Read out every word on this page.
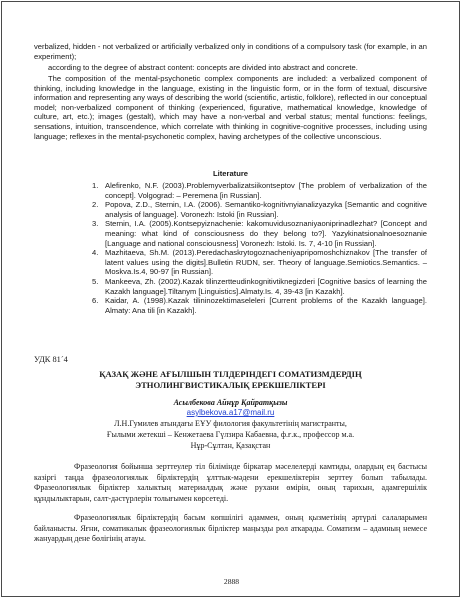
verbalized, hidden - not verbalized or artificially verbalized only in conditions of a compulsory task (for example, in an experiment);
according to the degree of abstract content: concepts are divided into abstract and concrete.
The composition of the mental-psychonetic complex components are included: a verbalized component of thinking, including knowledge in the language, existing in the linguistic form, or in the form of textual, discursive information and representing any ways of describing the world (scientific, artistic, folklore), reflected in our conceptual model; non-verbalized component of thinking (experienced, figurative, mathematical knowledge, knowledge of culture, art, etc.); images (gestalt), which may have a non-verbal and verbal status; mental functions: feelings, sensations, intuition, transcendence, which correlate with thinking in cognitive-cognitive processes, including using language; reflexes in the mental-psychonetic complex, having archetypes of the collective unconscious.
Literature
1. Alefirenko, N.F. (2003).Problemyverbalizatsiikontseptov [The problem of verbalization of the concept]. Volgograd: – Peremena [in Russian].
2. Popova, Z.D., Sternin, I.A. (2006). Semantiko-kognitivnyianalizyazyka [Semantic and cognitive analysis of language]. Voronezh: Istoki [in Russian].
3. Sternin, I.A. (2005).Kontsepyiznachenie: kakomuvidusoznaniyaoniprinadlezhat? [Concept and meaning: what kind of consciousness do they belong to?]. Yazykinatsionalnoesoznanie [Language and national consciousness] Voronezh: Istoki. Is. 7, 4-10 [in Russian].
4. Mazhitaeva, Sh.M. (2013).Peredachaskrytogoznacheniyapripomoshchiznakov [The transfer of latent values using the digits].Bulletin RUDN, ser. Theory of language.Semiotics.Semantics. – Moskva.Is.4, 90-97 [in Russian].
5. Mankeeva, Zh. (2002).Kazak tilinzertteudinkognitivtiknegizderi [Cognitive basics of learning the Kazakh language].Tiltanym [Linguistics].Almaty.Is. 4, 39-43 [in Kazakh].
6. Kaidar, A. (1998).Kazak tilininozektimaseleleri [Current problems of the Kazakh language]. Almaty: Ana tili [in Kazakh].
УДК 81´4
ҚАЗАҚ ЖӘНЕ АҒЫЛШЫН ТІЛДЕРІНДЕГІ СОМАТИЗМДЕРДІҢ
ЭТНОЛИНГВИСТИКАЛЫҚ ЕРЕКШЕЛІКТЕРІ
Асылбекова Айнұр Қайратқызы
asylbekova.a17@mail.ru
Л.Н.Гумилев атындағы ЕҰУ филология факультетінің магистранты,
Ғылыми жетекші – Кенжетаева Гүлзира Кабаевна, ф.ғ.к., профессор м.а.
Нұр-Сұлтан, Қазақстан
Фразеология бойынша зерттеулер тіл білімінде біркатар мәселелерді камтиды, олардың ең бастысы казіргі таңда фразеологиялык бірліктердің ұлттык-мәдени ерекшеліктерін зерттеу болып табылады. Фразеологиялык бірліктер халыктың материалдық және рухани өмірін, оның тарихын, адамгершілік құндылыктарын, салт-дәстүрлерін толығымен көрсетеді.
Фразеологиялык бірліктердің басым көпшілігі адаммен, оның қызметінің әртүрлі салаларымен байланысты. Яғни, соматикалык фразеологиялык бірліктер маңызды рөл аткарады. Соматизм – адамның немесе жануардың дене бөлігінің атауы.
2888
